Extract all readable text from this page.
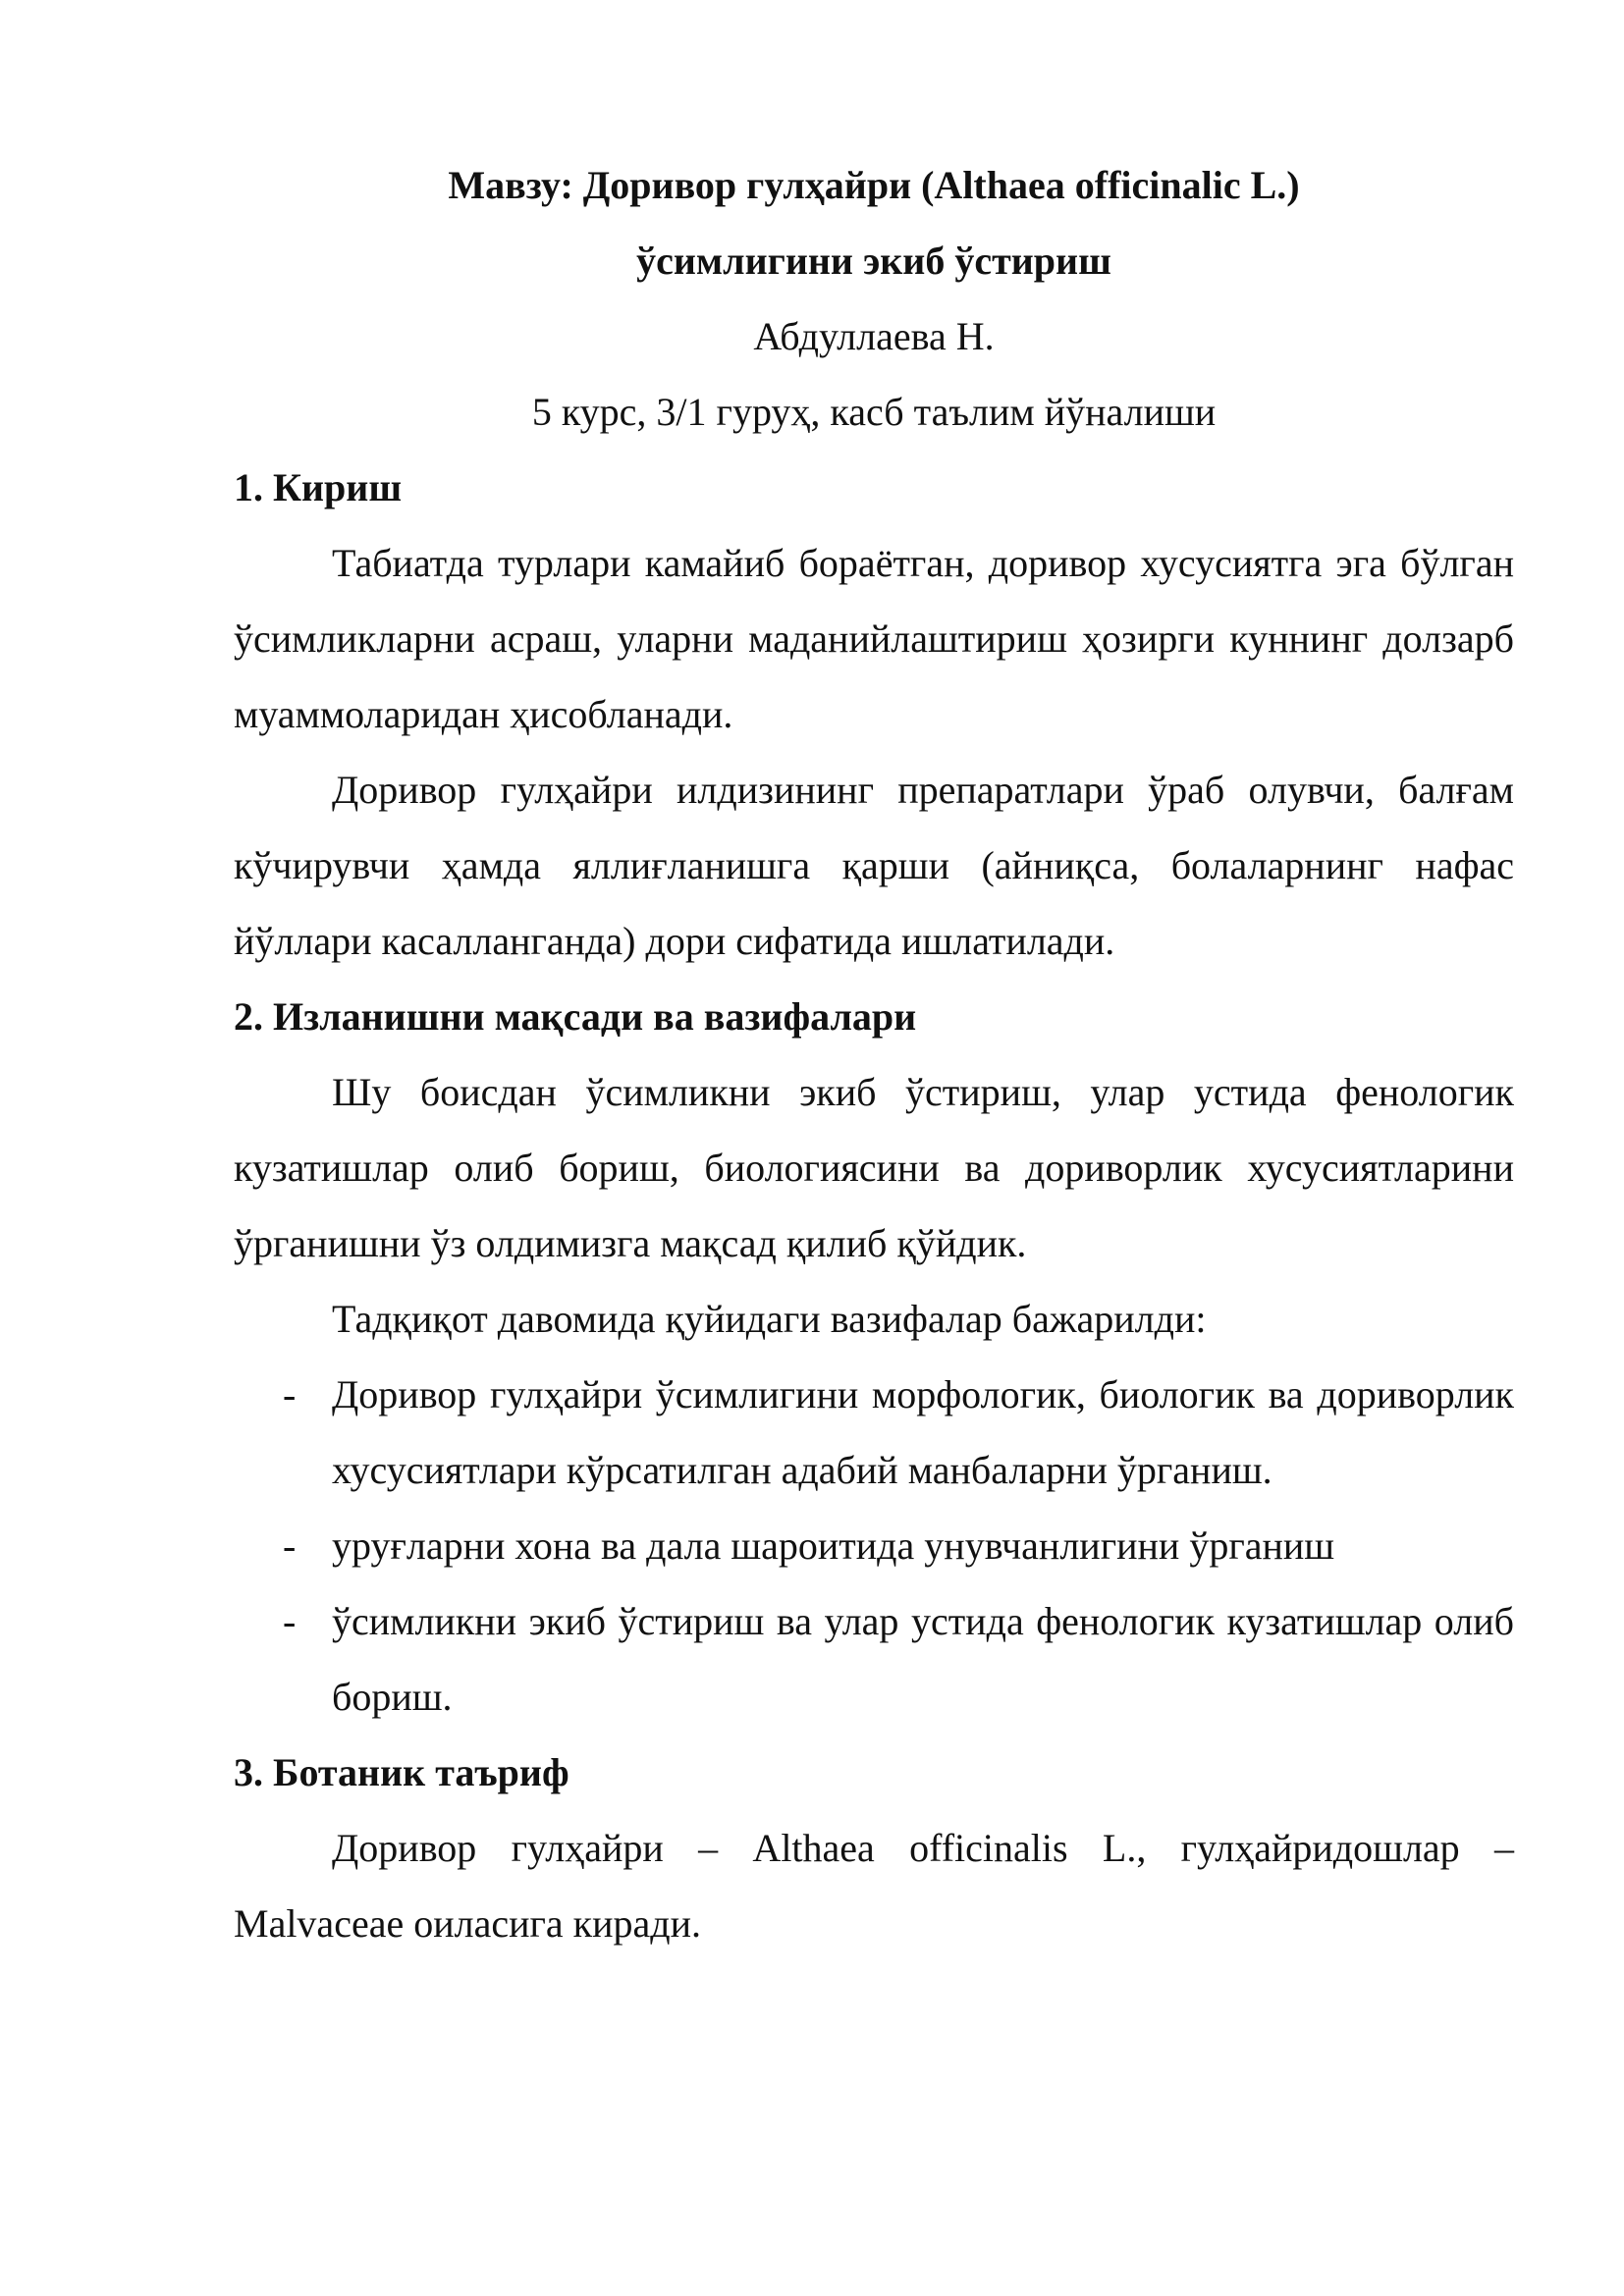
Мавзу: Доривор гулҳайри (Althaea officinalic L.)

ўсимлигини экиб ўстириш

Абдуллаева Н.

5 курс, 3/1 гуруҳ, касб таълим йўналиши

1. Кириш

Табиатда турлари камайиб бораётган, доривор хусусиятга эга бўлган ўсимликларни асраш, уларни маданийлаштириш ҳозирги куннинг долзарб муаммоларидан ҳисобланади.

Доривор гулҳайри илдизининг препаратлари ўраб олувчи, балғам кўчирувчи ҳамда яллиғланишга қарши (айниқса, болаларнинг нафас йўллари касалланганда) дори сифатида ишлатилади.

2. Изланишни мақсади ва вазифалари

Шу боисдан ўсимликни экиб ўстириш, улар устида фенологик кузатишлар олиб бориш, биологиясини ва дориворлик хусусиятларини ўрганишни ўз олдимизга мақсад қилиб қўйдик.

Тадқиқот давомида қуйидаги вазифалар бажарилди:

- Доривор гулҳайри ўсимлигини морфологик, биологик ва дориворлик хусусиятлари кўрсатилган адабий манбаларни ўрганиш.
- уруғларни хона ва дала шароитида унувчанлигини ўрганиш
- ўсимликни экиб ўстириш ва улар устида фенологик кузатишлар олиб бориш.

3. Ботаник таъриф

Доривор гулҳайри – Althaea officinalis L., гулҳайридошлар – Malvaceae оиласига киради.
